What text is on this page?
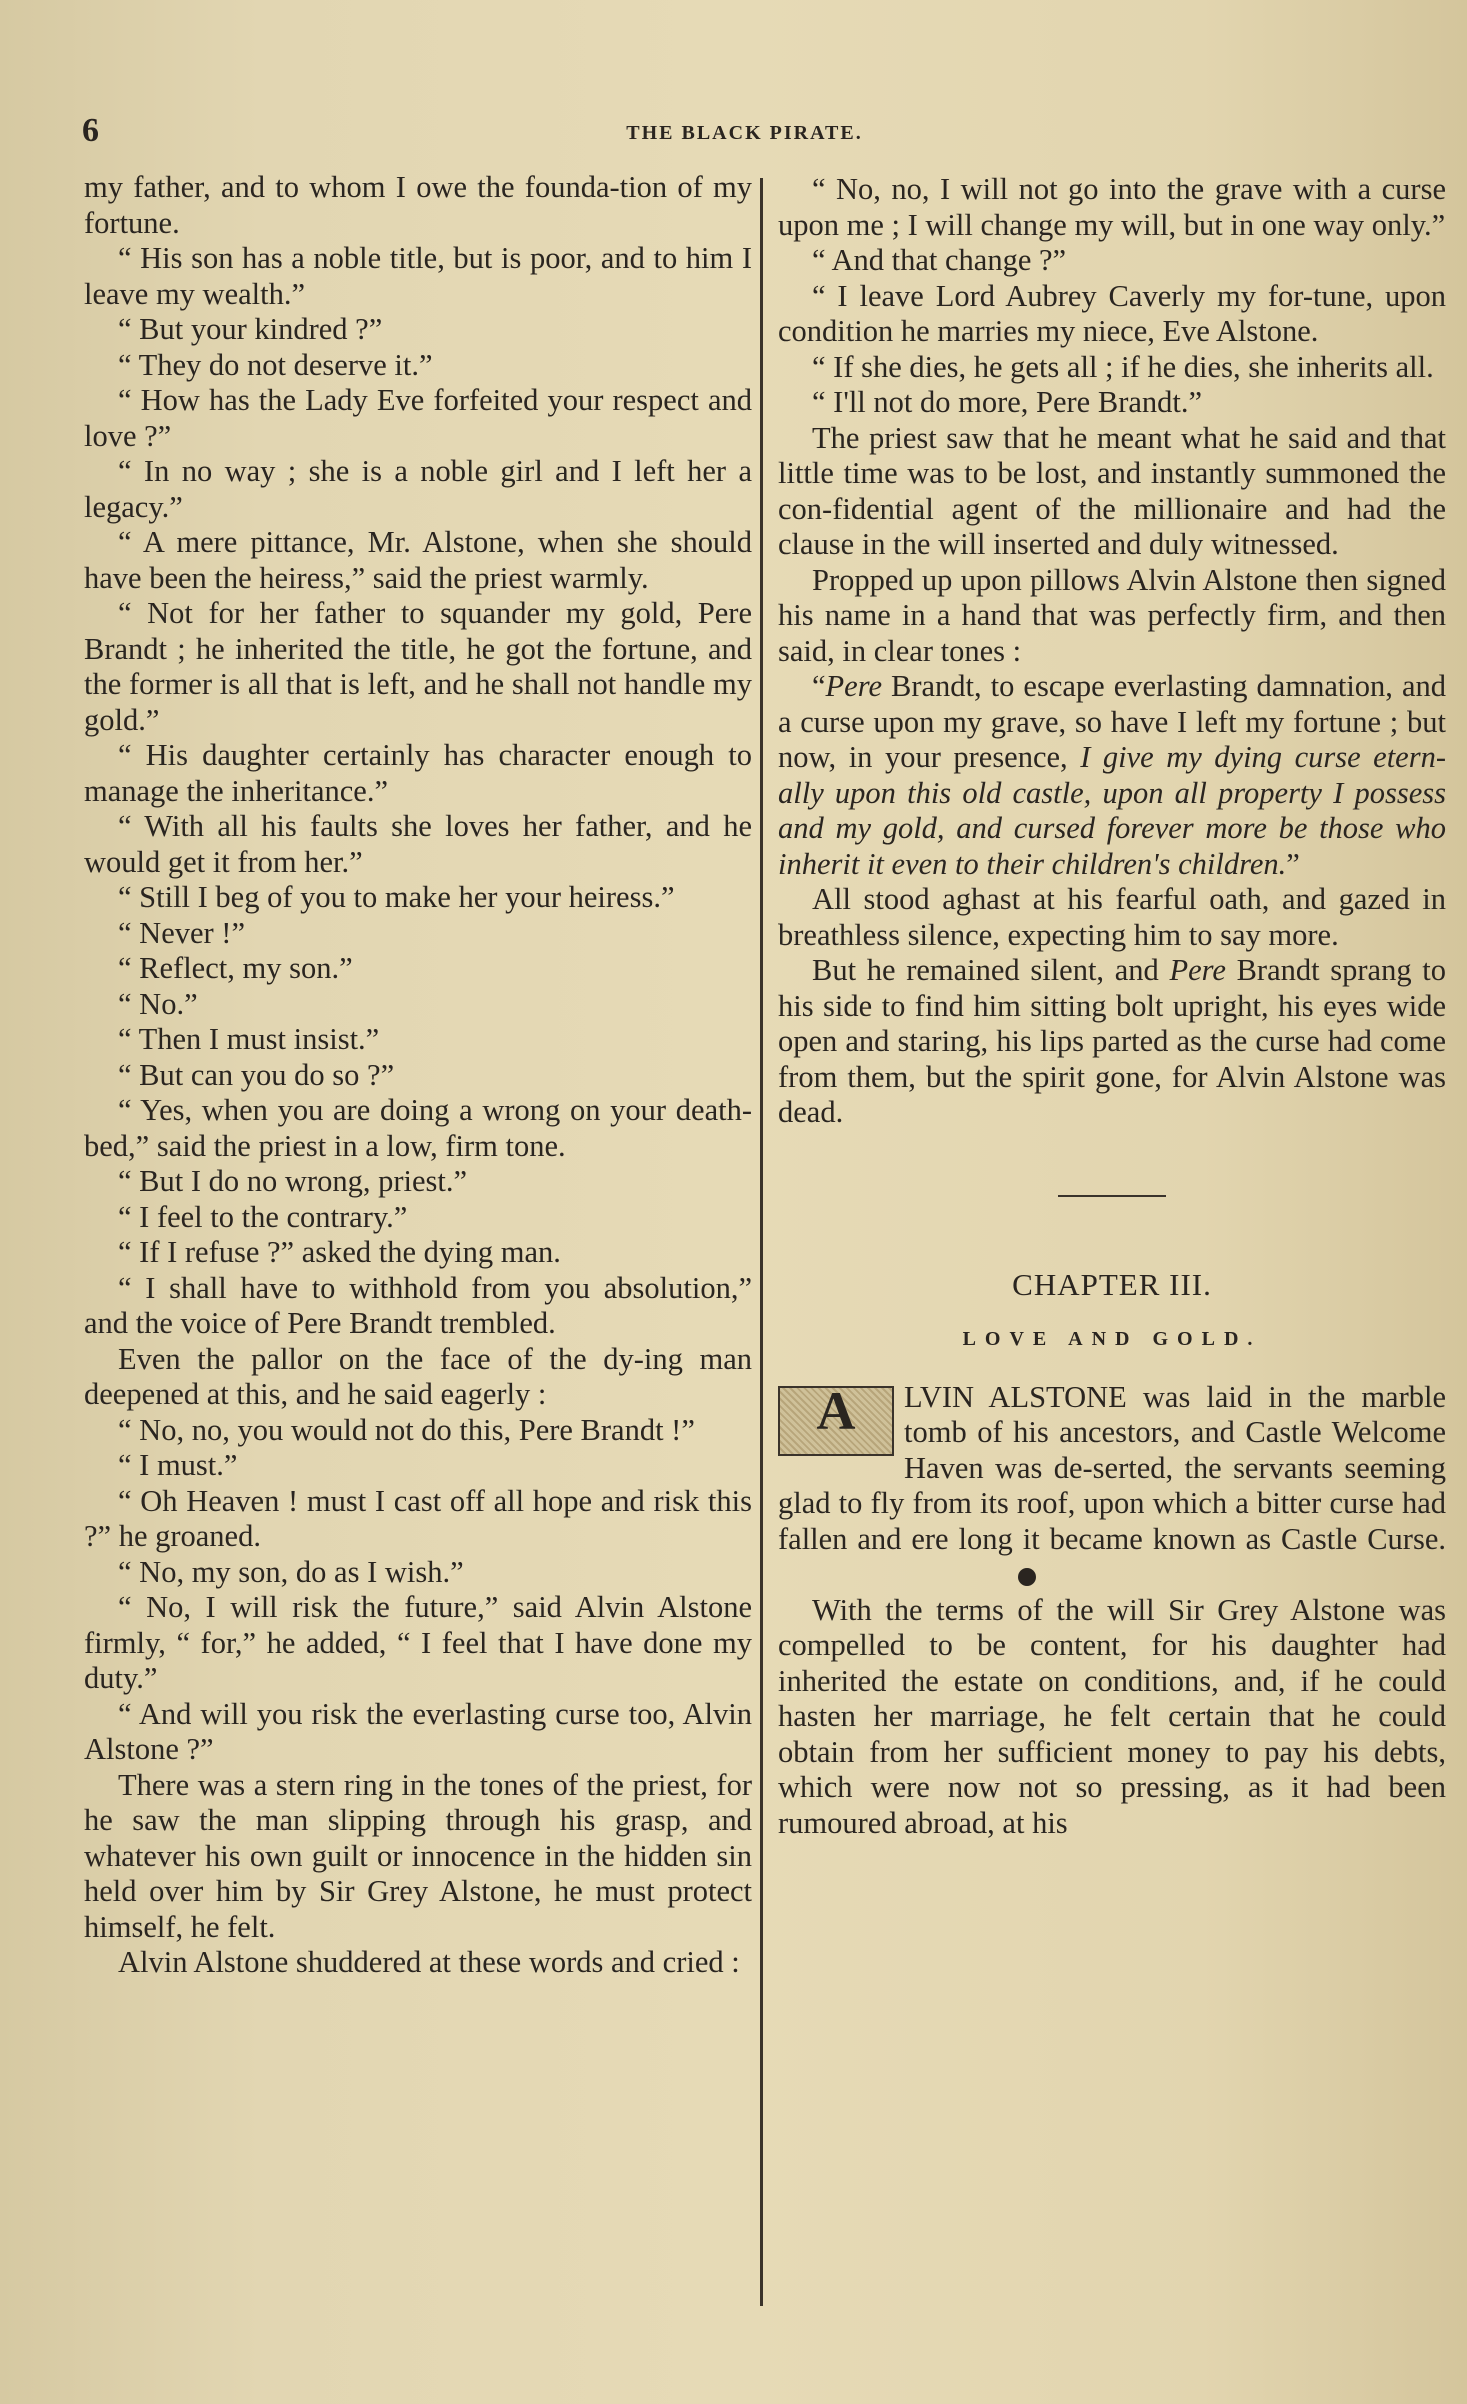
6	THE BLACK PIRATE.

my father, and to whom I owe the founda-tion of my fortune.

“ His son has a noble title, but is poor, and to him I leave my wealth.”

“ But your kindred ?”

“ They do not deserve it.”

“ How has the Lady Eve forfeited your respect and love ?”

“ In no way ; she is a noble girl and I left her a legacy.”

“ A mere pittance, Mr. Alstone, when she should have been the heiress,” said the priest warmly.

“ Not for her father to squander my gold, Pere Brandt ; he inherited the title, he got the fortune, and the former is all that is left, and he shall not handle my gold.”

“ His daughter certainly has character enough to manage the inheritance.”

“ With all his faults she loves her father, and he would get it from her.”

“ Still I beg of you to make her your heiress.”

“ Never !”

“ Reflect, my son.”

“ No.”

“ Then I must insist.”

“ But can you do so ?”

“ Yes, when you are doing a wrong on your death-bed,” said the priest in a low, firm tone.

“ But I do no wrong, priest.”

“ I feel to the contrary.”

“ If I refuse ?” asked the dying man.

“ I shall have to withhold from you absolution,” and the voice of Pere Brandt trembled.

Even the pallor on the face of the dy-ing man deepened at this, and he said eagerly :

“ No, no, you would not do this, Pere Brandt !”

“ I must.”

“ Oh Heaven ! must I cast off all hope and risk this ?” he groaned.

“ No, my son, do as I wish.”

“ No, I will risk the future,” said Alvin Alstone firmly, “ for,” he added, “ I feel that I have done my duty.”

“ And will you risk the everlasting curse too, Alvin Alstone ?”

There was a stern ring in the tones of the priest, for he saw the man slipping through his grasp, and whatever his own guilt or innocence in the hidden sin held over him by Sir Grey Alstone, he must protect himself, he felt.

Alvin Alstone shuddered at these words and cried :

“ No, no, I will not go into the grave with a curse upon me ; I will change my will, but in one way only.”

“ And that change ?”

“ I leave Lord Aubrey Caverly my for-tune, upon condition he marries my niece, Eve Alstone.

“ If she dies, he gets all ; if he dies, she inherits all.

“ I'll not do more, Pere Brandt.”

The priest saw that he meant what he said and that little time was to be lost, and instantly summoned the con-fidential agent of the millionaire and had the clause in the will inserted and duly witnessed.

Propped up upon pillows Alvin Alstone then signed his name in a hand that was perfectly firm, and then said, in clear tones :

“Pere Brandt, to escape everlasting damnation, and a curse upon my grave, so have I left my fortune ; but now, in your presence, I give my dying curse etern-ally upon this old castle, upon all property I possess and my gold, and cursed forever more be those who inherit it even to their children's children.”

All stood aghast at his fearful oath, and gazed in breathless silence, expecting him to say more.

But he remained silent, and Pere Brandt sprang to his side to find him sitting bolt upright, his eyes wide open and staring, his lips parted as the curse had come from them, but the spirit gone, for Alvin Alstone was dead.

CHAPTER III.
LOVE AND GOLD.

A	LVIN ALSTONE was laid in the marble tomb of his ancestors, and Castle Welcome Haven was de-serted, the servants seeming glad to fly from its roof, upon which a bitter curse had fallen and ere long it became known as Castle Curse.

With the terms of the will Sir Grey Alstone was compelled to be content, for his daughter had inherited the estate on conditions, and, if he could hasten her marriage, he felt certain that he could obtain from her sufficient money to pay his debts, which were now not so pressing, as it had been rumoured abroad, at his
